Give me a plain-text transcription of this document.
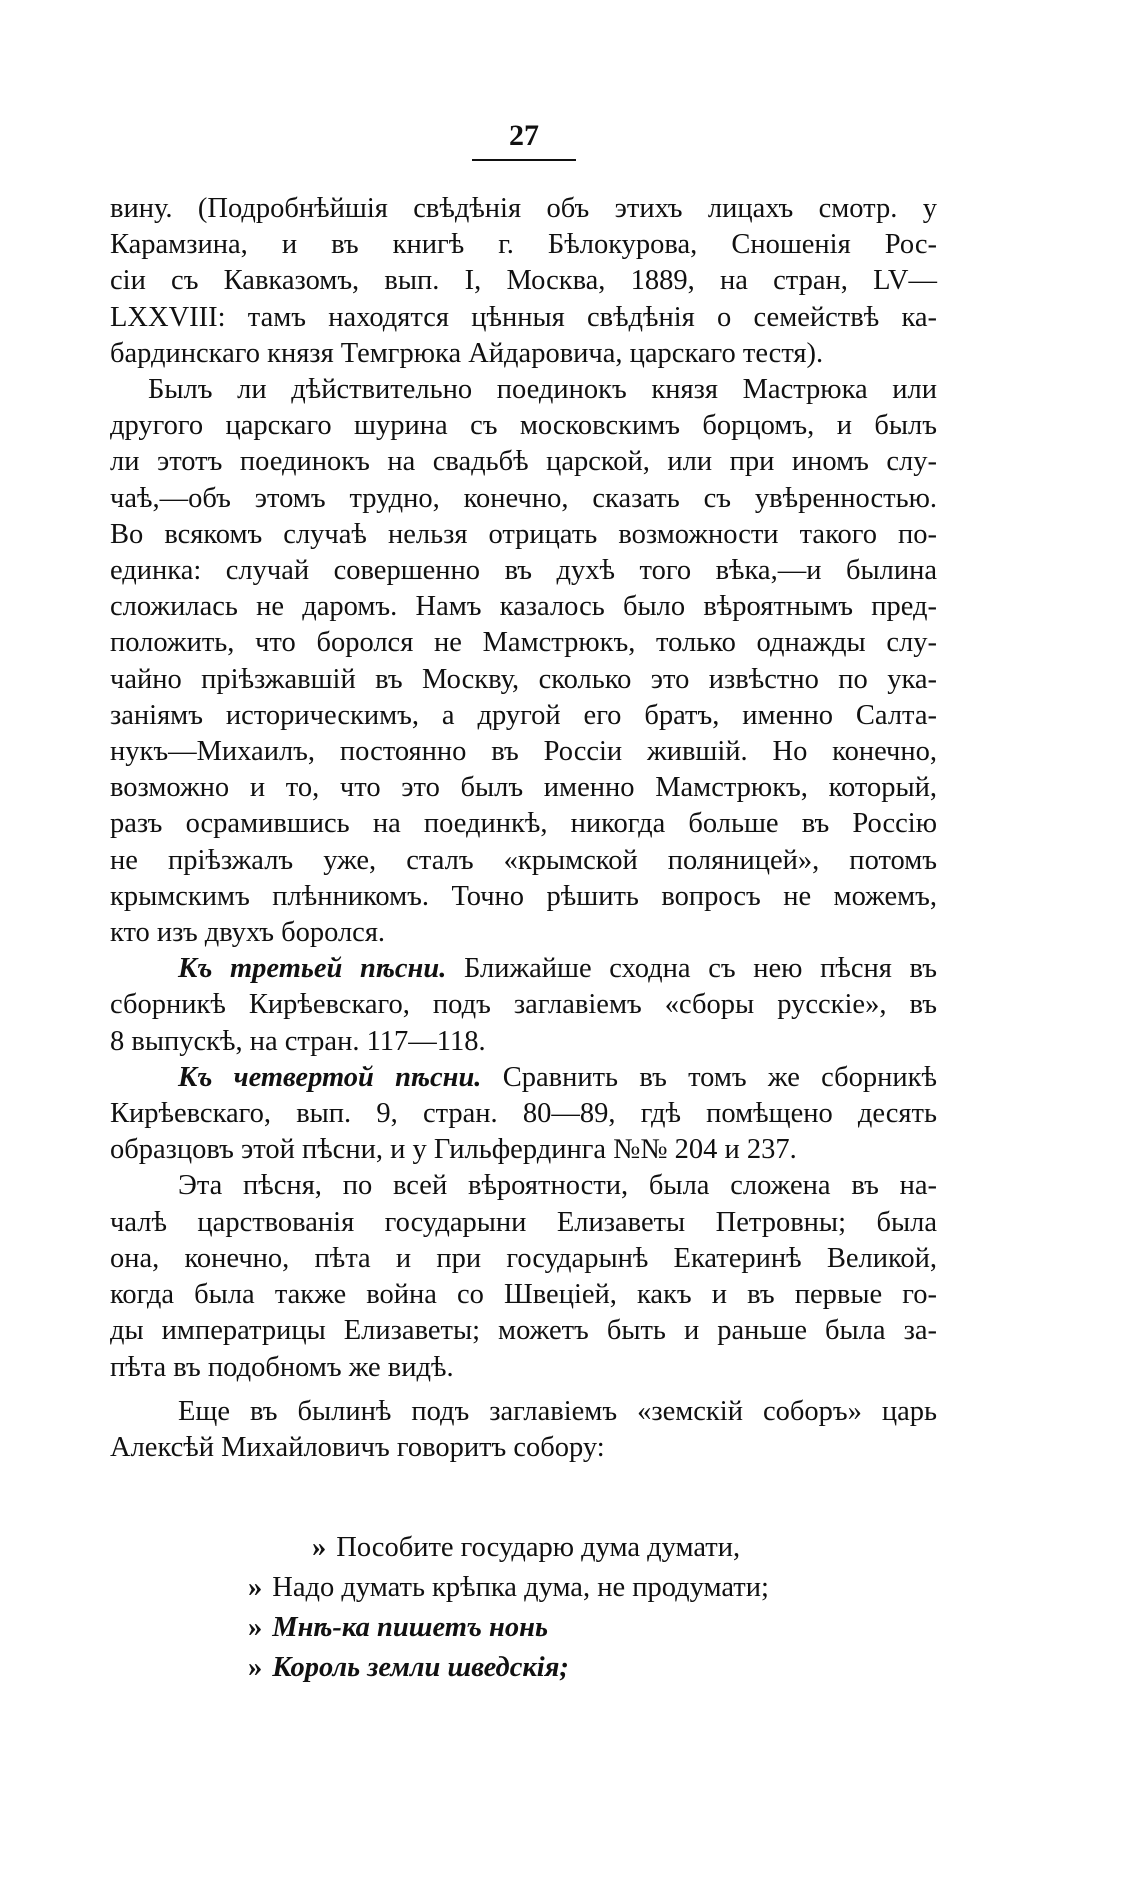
27

вину. (Подробнѣйшія свѣдѣнія объ этихъ лицахъ смотр. у
Карамзина, и въ книгѣ г. Бѣлокурова, Сношенія Рос-
сіи съ Кавказомъ, вып. I, Москва, 1889, на стран, LV—
LXXVIII: тамъ находятся цѣнныя свѣдѣнія о семействѣ ка-
бардинскаго князя Темгрюка Айдаровича, царскаго тестя).

Былъ ли дѣйствительно поединокъ князя Мастрюка или
другого царскаго шурина съ московскимъ борцомъ, и былъ
ли этотъ поединокъ на свадьбѣ царской, или при иномъ слу-
чаѣ,—объ этомъ трудно, конечно, сказать съ увѣренностью.
Во всякомъ случаѣ нельзя отрицать возможности такого по-
единка: случай совершенно въ духѣ того вѣка,—и былина
сложилась не даромъ. Намъ казалось было вѣроятнымъ пред-
положить, что боролся не Мамстрюкъ, только однажды слу-
чайно пріѣзжавшій въ Москву, сколько это извѣстно по ука-
заніямъ историческимъ, а другой его братъ, именно Салта-
нукъ—Михаилъ, постоянно въ Россіи жившій. Но конечно,
возможно и то, что это былъ именно Мамстрюкъ, который,
разъ осрамившись на поединкѣ, никогда больше въ Россію
не пріѣзжалъ уже, сталъ «крымской поляницей», потомъ
крымскимъ плѣнникомъ. Точно рѣшить вопросъ не можемъ,
кто изъ двухъ боролся.

Къ третьей пѣсни. Ближайше сходна съ нею пѣсня въ
сборникѣ Кирѣевскаго, подъ заглавіемъ «сборы русскіе», въ
8 выпускѣ, на стран. 117—118.

Къ четвертой пѣсни. Сравнить въ томъ же сборникѣ
Кирѣевскаго, вып. 9, стран. 80—89, гдѣ помѣщено десять
образцовъ этой пѣсни, и у Гильфердинга №№ 204 и 237.

Эта пѣсня, по всей вѣроятности, была сложена въ на-
чалѣ царствованія государыни Елизаветы Петровны; была
она, конечно, пѣта и при государынѣ Екатеринѣ Великой,
когда была также война со Швеціей, какъ и въ первые го-
ды императрицы Елизаветы; можетъ быть и раньше была за-
пѣта въ подобномъ же видѣ.

Еще въ былинѣ подъ заглавіемъ «земскій соборъ» царь
Алексѣй Михайловичъ говоритъ собору:

» Пособите государю дума думати,
» Надо думать крѣпка дума, не продумати;
» Мнѣ-ка пишетъ нонь
» Король земли шведскія;
